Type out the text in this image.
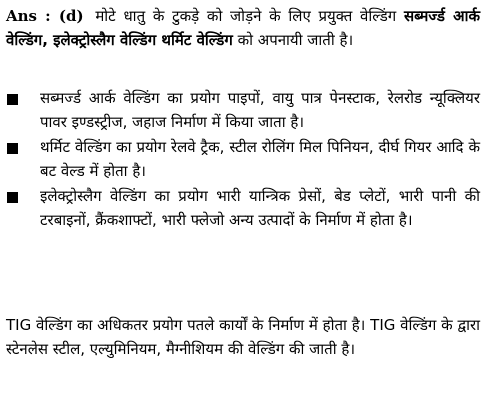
Ans : (d) मोटे धातु के टुकड़े को जोड़ने के लिए प्रयुक्त वेल्डिंग सब्मर्ज्ड आर्क वेल्डिंग, इलेक्ट्रोस्लैग वेल्डिंग थर्मिट वेल्डिंग को अपनायी जाती है।

सब्मर्ज्ड आर्क वेल्डिंग का प्रयोग पाइपों, वायु पात्र पेनस्टाक, रेलरोड न्यूक्लियर पावर इण्डस्ट्रीज, जहाज निर्माण में किया जाता है।
थर्मिट वेल्डिंग का प्रयोग रेलवे ट्रैक, स्टील रोलिंग मिल पिनियन, दीर्घ गियर आदि के बट वेल्ड में होता है।
इलेक्ट्रोस्लैग वेल्डिंग का प्रयोग भारी यान्त्रिक प्रेसों, बेड प्लेटों, भारी पानी की टरबाइनों, क्रैंकशाफ्टों, भारी फ्लेजो अन्य उत्पादों के निर्माण में होता है।

TIG वेल्डिंग का अधिकतर प्रयोग पतले कार्यों के निर्माण में होता है। TIG वेल्डिंग के द्वारा स्टेनलेस स्टील, एल्युमिनियम, मैग्नीशियम की वेल्डिंग की जाती है।
